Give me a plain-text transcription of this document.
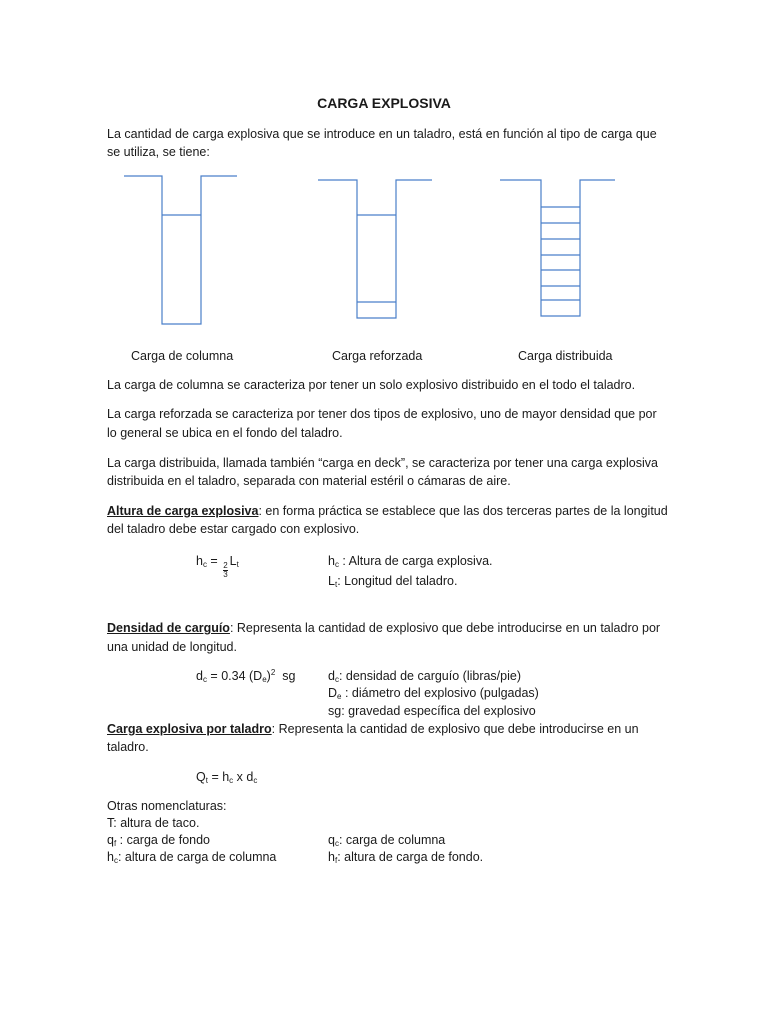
CARGA EXPLOSIVA
La cantidad de carga explosiva que se introduce en un taladro, está en función al tipo de carga que
se utiliza, se tiene:
Carga de columna	Carga reforzada	Carga distribuida
La carga de columna se caracteriza por tener un solo explosivo distribuido en el todo el taladro.
La carga reforzada se caracteriza por tener dos tipos de explosivo, uno de mayor densidad que por
lo general se ubica en el fondo del taladro.
La carga distribuida, llamada también “carga en deck”, se caracteriza por tener una carga explosiva
distribuida en el taladro, separada con material estéril o cámaras de aire.
Altura de carga explosiva: en forma práctica se establece que las dos terceras partes de la longitud
del taladro debe estar cargado con explosivo.
$h_c$ =
$\frac{2}{3}$
$L_t$	$h_c$ : Altura de carga explosiva.
$L_t$: Longitud del taladro.
Densidad de carguío: Representa la cantidad de explosivo que debe introducirse en un taladro por
una unidad de longitud.
$d_c = 0.34$ $(D_e)^2$  sg	$d_c$: densidad de carguío (libras/pie)
$D_e$ : diámetro del explosivo (pulgadas)
sg: gravedad específica del explosivo
Carga explosiva por taladro: Representa la cantidad de explosivo que debe introducirse en un
taladro.
$Q_t = h_c$ x $d_c$
Otras nomenclaturas:
T: altura de taco.
$q_f$ : carga de fondo	$q_c$: carga de columna
$h_c$: altura de carga de columna	$h_f$: altura de carga de fondo.
